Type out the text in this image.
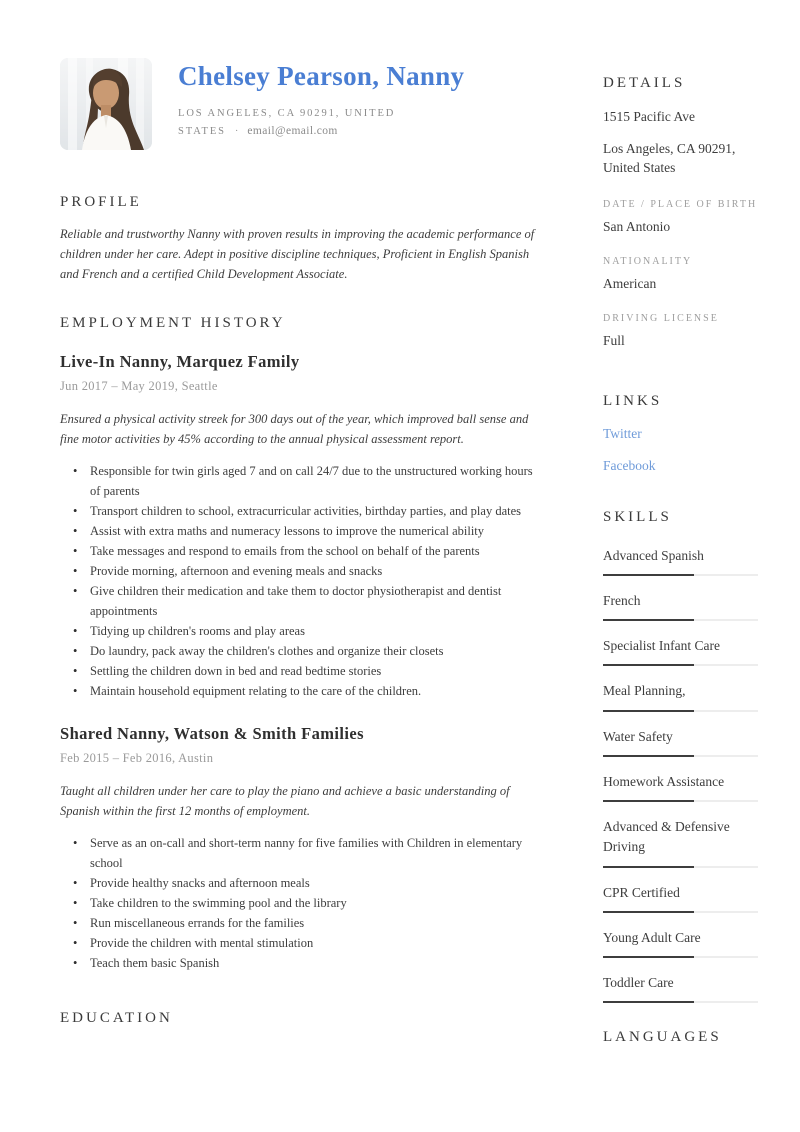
Chelsey Pearson, Nanny
LOS ANGELES, CA 90291, UNITED STATES · email@email.com
PROFILE

Reliable and trustworthy Nanny with proven results in improving the academic performance of children under her care. Adept in positive discipline techniques, Proficient in English Spanish and French and a certified Child Development Associate.

EMPLOYMENT HISTORY
Live-In Nanny, Marquez Family
Jun 2017 – May 2019, Seattle

Ensured a physical activity streek for 300 days out of the year, which improved ball sense and fine motor activities by 45% according to the annual physical assessment report.

• Responsible for twin girls aged 7 and on call 24/7 due to the unstructured working hours of parents
• Transport children to school, extracurricular activities, birthday parties, and play dates
• Assist with extra maths and numeracy lessons to improve the numerical ability
• Take messages and respond to emails from the school on behalf of the parents
• Provide morning, afternoon and evening meals and snacks
• Give children their medication and take them to doctor physiotherapist and dentist appointments
• Tidying up children's rooms and play areas
• Do laundry, pack away the children's clothes and organize their closets
• Settling the children down in bed and read bedtime stories
• Maintain household equipment relating to the care of the children.
Shared Nanny, Watson & Smith Families
Feb 2015 – Feb 2016, Austin

Taught all children under her care to play the piano and achieve a basic understanding of Spanish within the first 12 months of employment.

• Serve as an on-call and short-term nanny for five families with Children in elementary school
• Provide healthy snacks and afternoon meals
• Take children to the swimming pool and the library
• Run miscellaneous errands for the families
• Provide the children with mental stimulation
• Teach them basic Spanish
EDUCATION
DETAILS
1515 Pacific Ave
Los Angeles, CA 90291, United States
DATE / PLACE OF BIRTH
San Antonio
NATIONALITY
American
DRIVING LICENSE
Full
LINKS
Twitter
Facebook
SKILLS
Advanced Spanish
French
Specialist Infant Care
Meal Planning,
Water Safety
Homework Assistance
Advanced & Defensive Driving
CPR Certified
Young Adult Care
Toddler Care
LANGUAGES
